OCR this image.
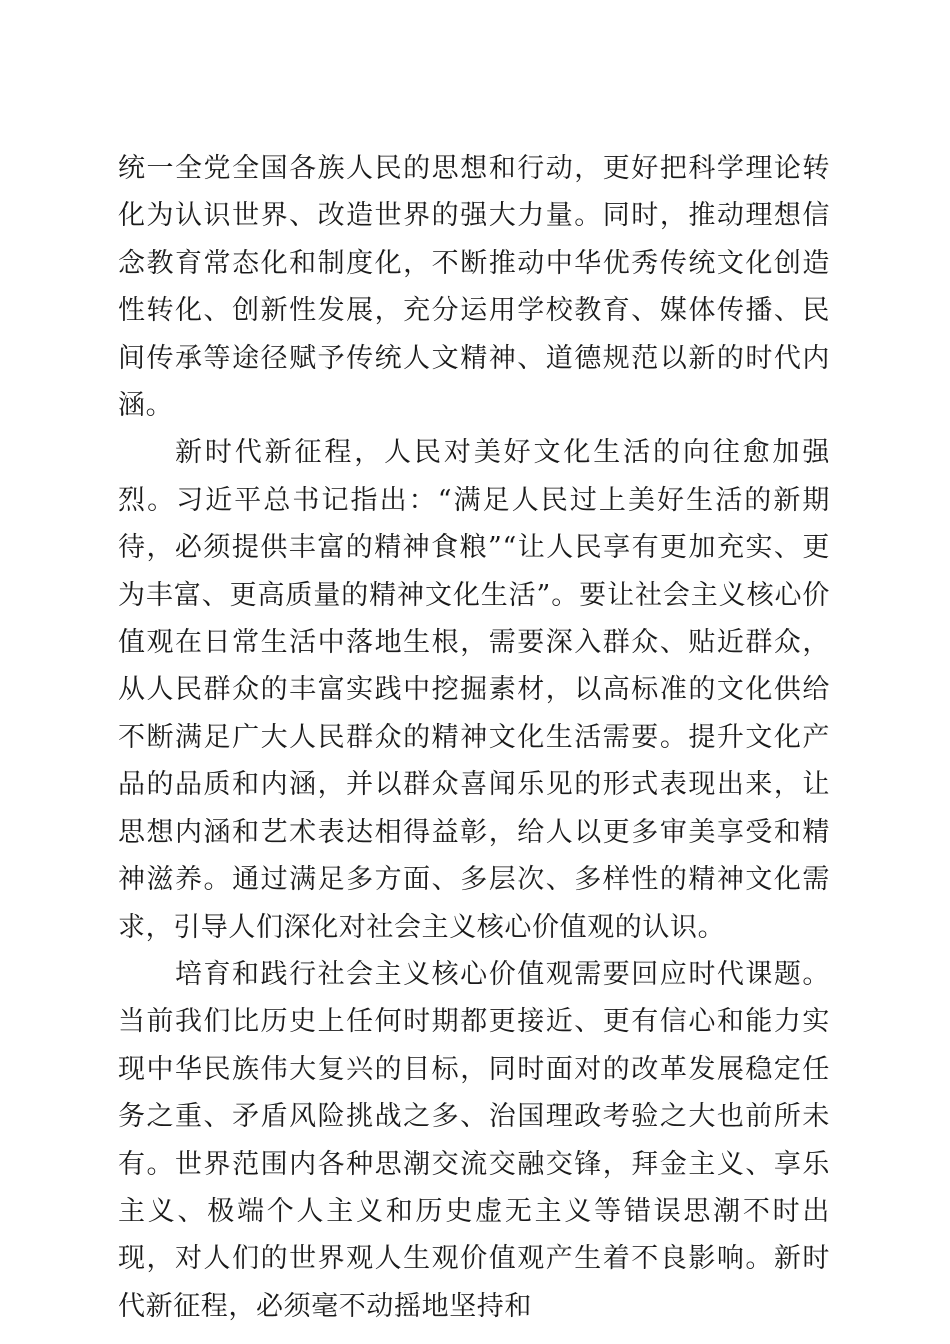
统一全党全国各族人民的思想和行动，更好把科学理论转化为认识世界、改造世界的强大力量。同时，推动理想信念教育常态化和制度化，不断推动中华优秀传统文化创造性转化、创新性发展，充分运用学校教育、媒体传播、民间传承等途径赋予传统人文精神、道德规范以新的时代内涵。

新时代新征程，人民对美好文化生活的向往愈加强烈。习近平总书记指出：“满足人民过上美好生活的新期待，必须提供丰富的精神食粮”“让人民享有更加充实、更为丰富、更高质量的精神文化生活”。要让社会主义核心价值观在日常生活中落地生根，需要深入群众、贴近群众，从人民群众的丰富实践中挖掘素材，以高标准的文化供给不断满足广大人民群众的精神文化生活需要。提升文化产品的品质和内涵，并以群众喜闻乐见的形式表现出来，让思想内涵和艺术表达相得益彰，给人以更多审美享受和精神滋养。通过满足多方面、多层次、多样性的精神文化需求，引导人们深化对社会主义核心价值观的认识。

培育和践行社会主义核心价值观需要回应时代课题。当前我们比历史上任何时期都更接近、更有信心和能力实现中华民族伟大复兴的目标，同时面对的改革发展稳定任务之重、矛盾风险挑战之多、治国理政考验之大也前所未有。世界范围内各种思潮交流交融交锋，拜金主义、享乐主义、极端个人主义和历史虚无主义等错误思潮不时出现，对人们的世界观人生观价值观产生着不良影响。新时代新征程，必须毫不动摇地坚持和
